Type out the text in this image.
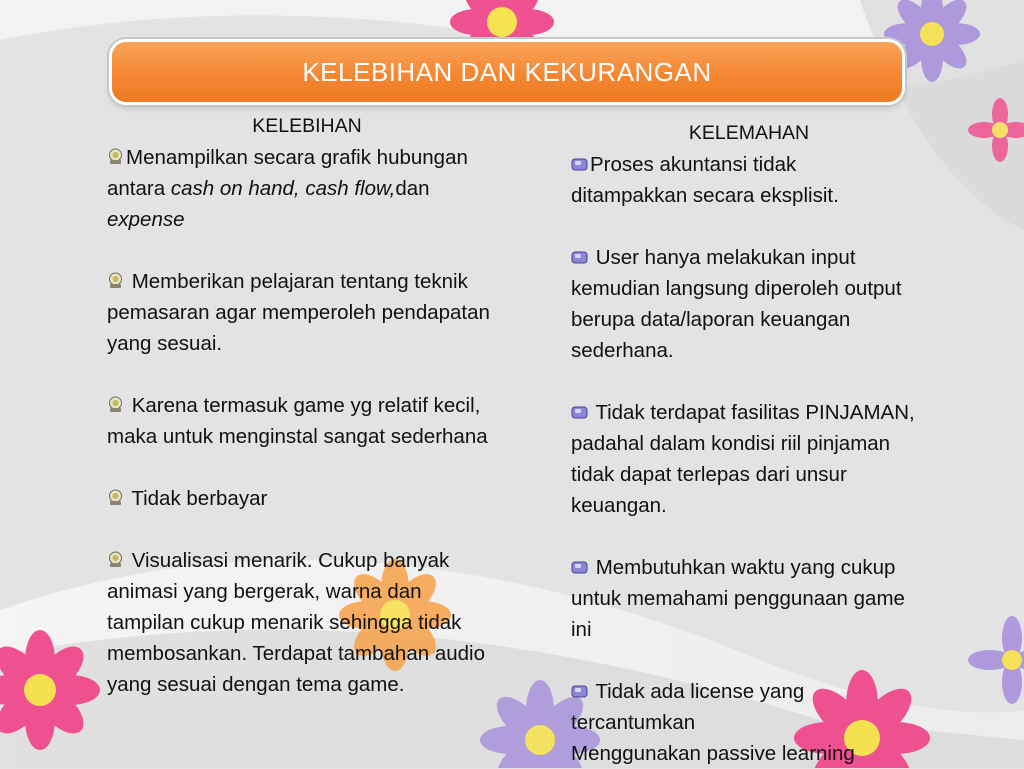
KELEBIHAN DAN KEKURANGAN
KELEBIHAN
Menampilkan secara grafik hubungan antara cash on hand, cash flow,dan expense
Memberikan pelajaran tentang teknik pemasaran agar memperoleh pendapatan yang sesuai.
Karena termasuk game yg relatif kecil, maka untuk menginstal sangat sederhana
Tidak berbayar
Visualisasi menarik. Cukup banyak animasi yang bergerak, warna dan tampilan cukup menarik sehingga tidak membosankan. Terdapat tambahan audio yang sesuai dengan tema game.
KELEMAHAN
Proses akuntansi tidak ditampakkan secara eksplisit.
User hanya melakukan input kemudian langsung diperoleh output berupa data/laporan keuangan sederhana.
Tidak terdapat fasilitas PINJAMAN, padahal dalam kondisi riil pinjaman tidak dapat terlepas dari unsur keuangan.
Membutuhkan waktu yang cukup untuk memahami penggunaan game ini
Tidak ada license yang tercantumkan
Menggunakan passive learning
